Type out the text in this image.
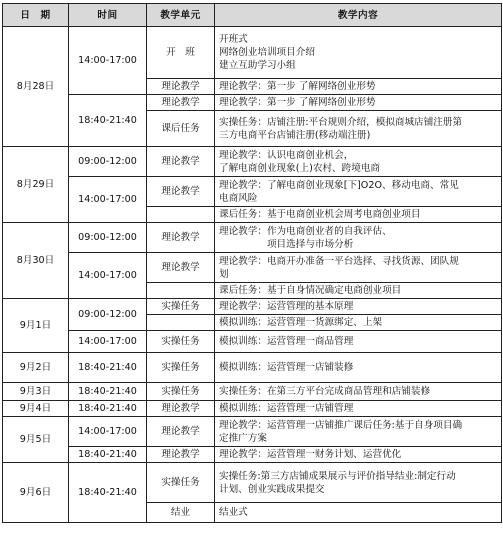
日　期	时间	教学单元	教学内容
8月28日	14:00-17:00	开　班	开班式
网络创业培训项目介绍
建立互助学习小组

		理论教学	理论教学：第一步 了解网络创业形势

	18:40-21:40	理论教学	理论教学：第一步 了解网络创业形势

		课后任务	实操任务：店铺注册:平台规则介绍，模拟商城店铺注册第
三方电商平台店铺注册(移动端注册)

8月29日	09:00-12:00	理论教学	理论教学：认识电商创业机会，
了解电商创业现象(上)农村、跨境电商

	14:00-17:00	理论教学	理论教学：了解电商创业现象[下]O2O、移动电商、常见
电商风险

			课后任务：基于电商创业机会周考电商创业项目

8月30日	09:00-12:00	理论教学	理论教学：作为电商创业者的自我评估、
　　　　　项目选择与市场分析

	14:00-17:00	理论教学	理论教学：电商开办准备一平台选择、寻找货源、团队规
划

			课后任务：基于自身情况确定电商创业项目

9月1日	09:00-12:00	实操任务	理论教学：运营管理的基本原理

			模拟训练：运营管理一货源绑定、上架

	14:00-17:00	实操任务	模拟训练：运营管理一商品管理

9月2日	18:40-21:40	实操任务	模拟训练：运营管理一店铺装修

9月3日	18:40-21:40	实操任务	实操任务：在第三方平台完成商品管理和店铺装修

9月4日	18:40-21:40	理论教学	模拟训练：运营管理一店铺管理

9月5日	14:00-17:00	理论教学	理论教学：运营管理一店铺推广课后任务:基于自身项目确
定推广方案

	18:40-21:40	理论教学	理论教学：运营管理一财务计划、运营优化

9月6日	18:40-21:40	实操任务	实操任务:第三方店铺成果展示与评价指导结业:制定行动
计划、创业实践成果提交

		结业	结业式
